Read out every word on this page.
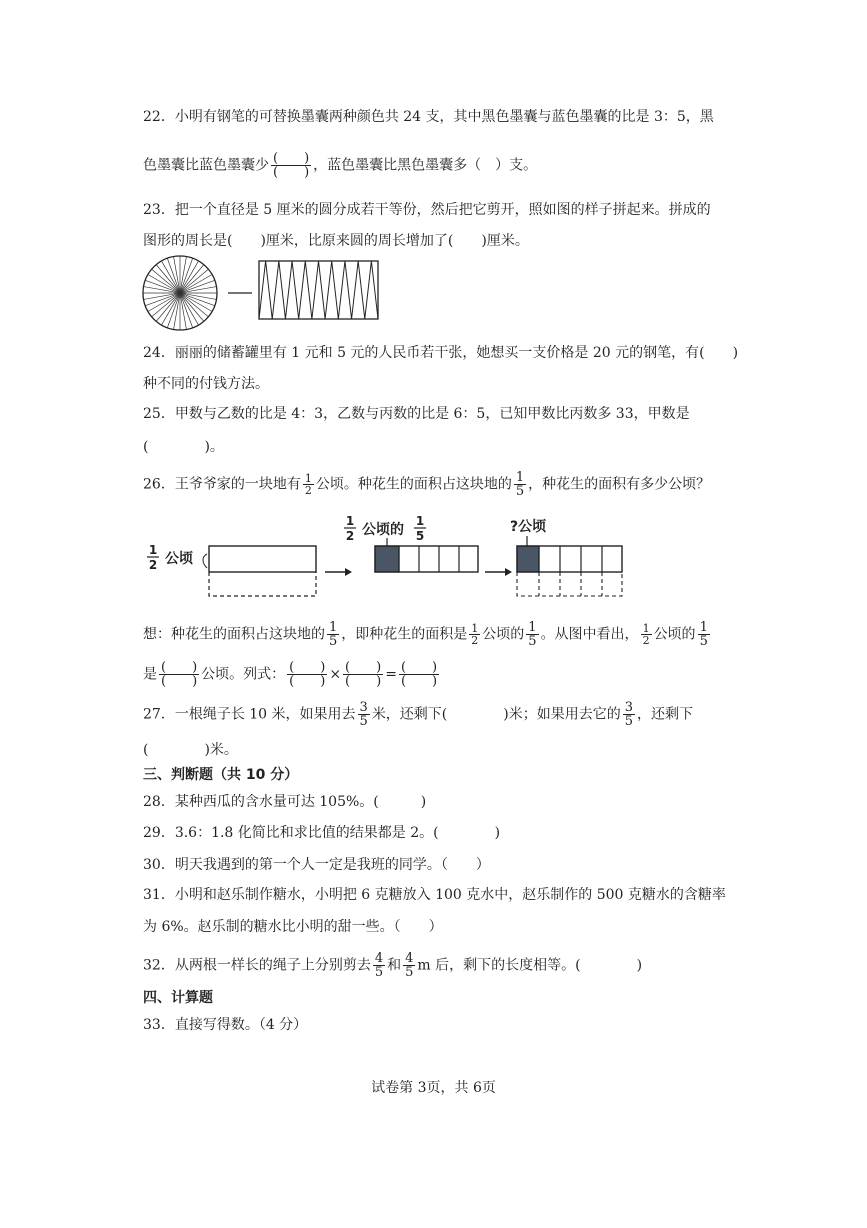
22．小明有钢笔的可替换墨囊两种颜色共 24 支，其中黑色墨囊与蓝色墨囊的比是 3：5，黑
色墨囊比蓝色墨囊少 $\frac{( )}{( )}$ ，蓝色墨囊比黑色墨囊多（　）支。
23．把一个直径是 5 厘米的圆分成若干等份，然后把它剪开，照如图的样子拼起来。拼成的
图形的周长是(　　)厘米，比原来圆的周长增加了(　　)厘米。
24．丽丽的储蓄罐里有 1 元和 5 元的人民币若干张，她想买一支价格是 20 元的钢笔，有(　　)
种不同的付钱方法。
25．甲数与乙数的比是 4：3，乙数与丙数的比是 6：5，已知甲数比丙数多 33，甲数是
(　　　　)。
26．王爷爷家的一块地有 $\frac{1}{2}$ 公顷。种花生的面积占这块地的 $\frac{1}{5}$ ，种花生的面积有多少公顷？
1
2 公顷
1
2 公顷的
1
5
?公顷
想：种花生的面积占这块地的 $\frac{1}{5}$ ，即种花生的面积是 $\frac{1}{2}$ 公顷的 $\frac{1}{5}$ 。从图中看出， $\frac{1}{2}$ 公顷的 $\frac{1}{5}$
是 $\frac{( )}{( )}$ 公顷。列式： $\frac{( )}{( )} \times \frac{( )}{( )} = \frac{( )}{( )}$
27．一根绳子长 10 米，如果用去 $\frac{3}{5}$ 米，还剩下(　　　　)米；如果用去它的 $\frac{3}{5}$ ，还剩下
(　　　　)米。
三、判断题（共 10 分）
28．某种西瓜的含水量可达 105%。(　　　)
29．3.6：1.8 化简比和求比值的结果都是 2。(　　　　)
30．明天我遇到的第一个人一定是我班的同学。（　　）
31．小明和赵乐制作糖水，小明把 6 克糖放入 100 克水中，赵乐制作的 500 克糖水的含糖率
为 6%。赵乐制的糖水比小明的甜一些。（　　）
32．从两根一样长的绳子上分别剪去 $\frac{4}{5}$ 和 $\frac{4}{5}$ m 后，剩下的长度相等。(　　　　)
四、计算题
33．直接写得数。（4 分）
试卷第 3页，共 6页
